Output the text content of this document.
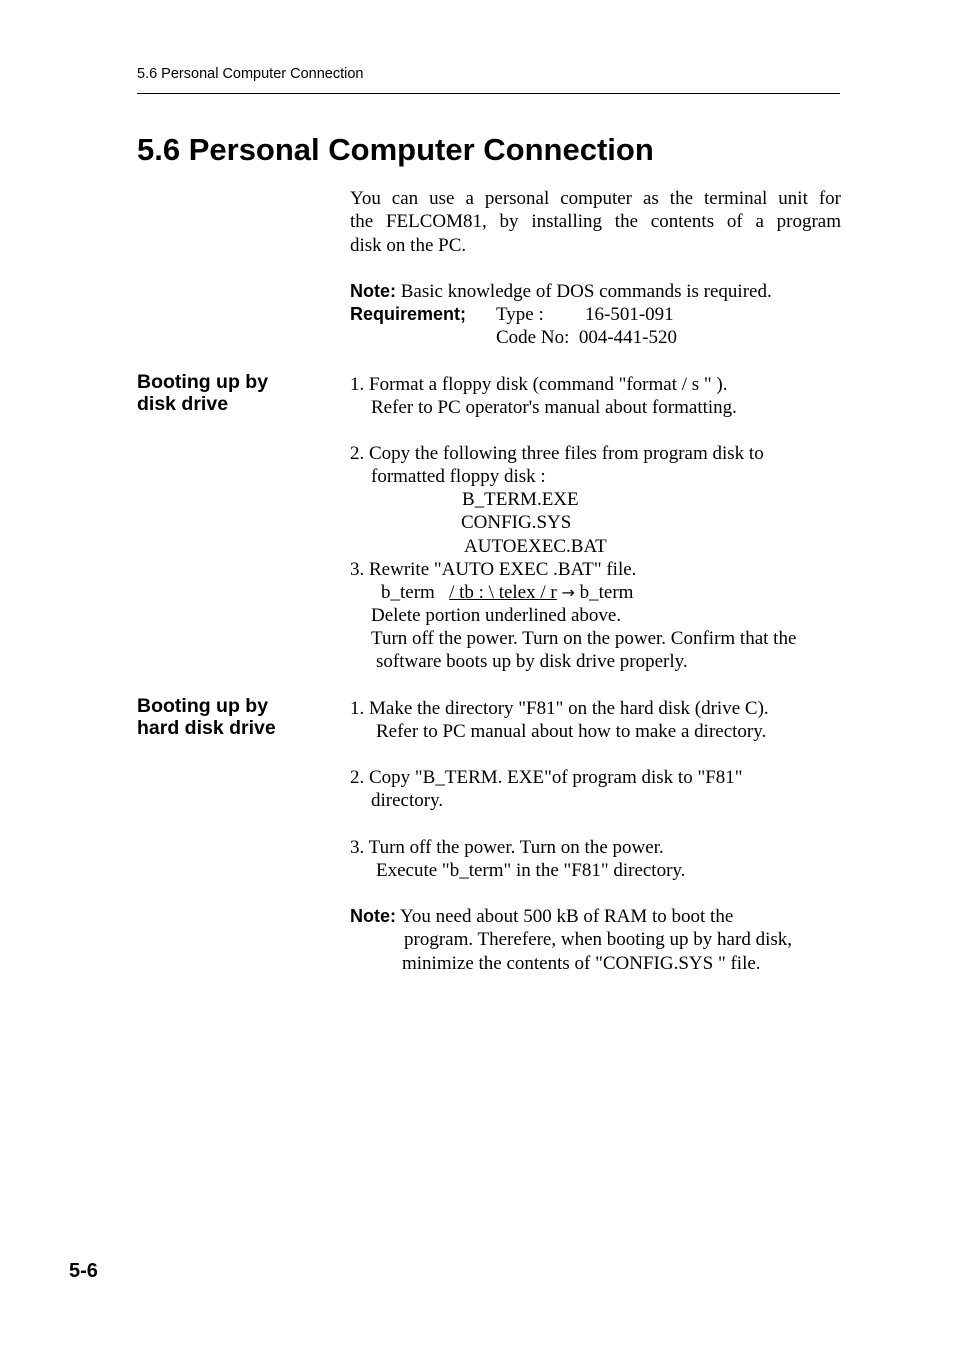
5.6 Personal Computer Connection
5.6 Personal Computer Connection
You can use a personal computer as the terminal unit for
the FELCOM81, by installing the contents of a program
disk on the PC.
Note: Basic knowledge of DOS commands is required.
Requirement; Type : 16-501-091
Code No: 004-441-520
Booting up by
disk drive
1. Format a floppy disk (command "format / s " ).
Refer to PC operator's manual about formatting.
2. Copy the following three files from program disk to
formatted floppy disk :
B_TERM.EXE
CONFIG.SYS
AUTOEXEC.BAT
3. Rewrite "AUTO EXEC .BAT" file.
b_term / tb : \ telex / r → b_term
Delete portion underlined above.
Turn off the power. Turn on the power. Confirm that the
software boots up by disk drive properly.
Booting up by
hard disk drive
1. Make the directory "F81" on the hard disk (drive C).
Refer to PC manual about how to make a directory.
2. Copy "B_TERM. EXE"of program disk to "F81"
directory.
3. Turn off the power. Turn on the power.
Execute "b_term" in the "F81" directory.
Note: You need about 500 kB of RAM to boot the
program. Therefere, when booting up by hard disk,
minimize the contents of "CONFIG.SYS " file.
5-6
